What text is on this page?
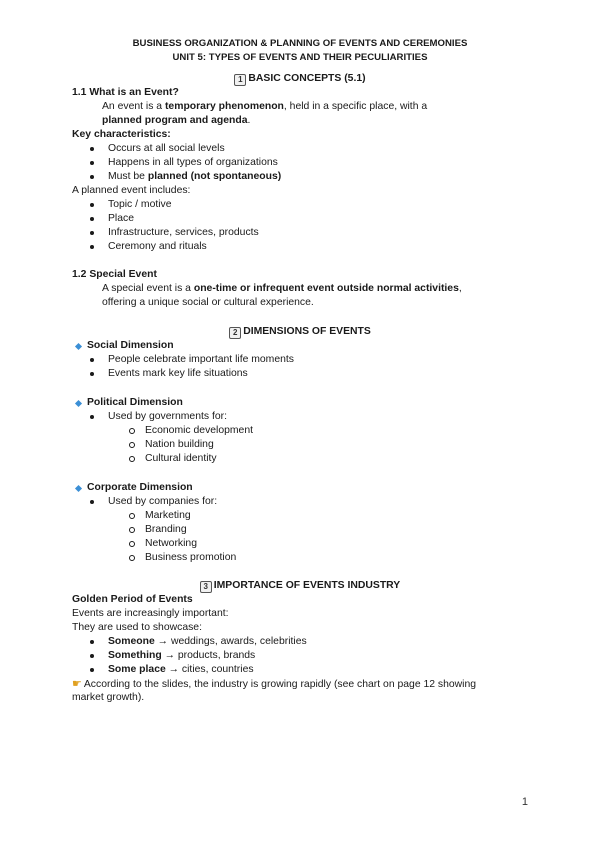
BUSINESS ORGANIZATION & PLANNING OF EVENTS AND CEREMONIES
UNIT 5: TYPES OF EVENTS AND THEIR PECULIARITIES
1 BASIC CONCEPTS (5.1)
1.1 What is an Event?
An event is a temporary phenomenon, held in a specific place, with a
planned program and agenda.
Key characteristics:
Occurs at all social levels
Happens in all types of organizations
Must be planned (not spontaneous)
A planned event includes:
Topic / motive
Place
Infrastructure, services, products
Ceremony and rituals
1.2 Special Event
A special event is a one-time or infrequent event outside normal activities,
offering a unique social or cultural experience.
2 DIMENSIONS OF EVENTS
Social Dimension
People celebrate important life moments
Events mark key life situations
Political Dimension
Used by governments for:
Economic development
Nation building
Cultural identity
Corporate Dimension
Used by companies for:
Marketing
Branding
Networking
Business promotion
3 IMPORTANCE OF EVENTS INDUSTRY
Golden Period of Events
Events are increasingly important:
They are used to showcase:
Someone → weddings, awards, celebrities
Something → products, brands
Some place → cities, countries
☛ According to the slides, the industry is growing rapidly (see chart on page 12 showing
market growth).
1
